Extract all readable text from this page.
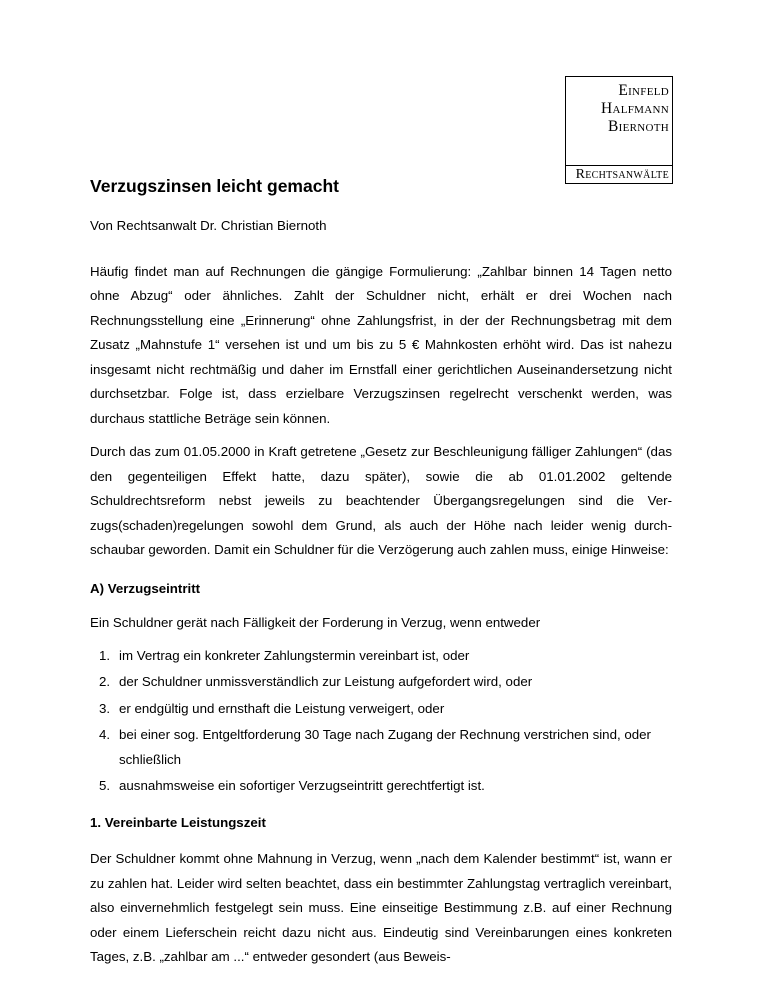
Einfeld
Halfmann
Biernoth
Rechtsanwälte
Verzugszinsen leicht gemacht

Von Rechtsanwalt Dr. Christian Biernoth

Häufig findet man auf Rechnungen die gängige Formulierung: „Zahlbar binnen 14 Tagen netto ohne Abzug“ oder ähnliches. Zahlt der Schuldner nicht, erhält er drei Wochen nach Rechnungsstellung eine „Erinnerung“ ohne Zahlungsfrist, in der der Rechnungsbetrag mit dem Zusatz „Mahnstufe 1“ versehen ist und um bis zu 5 € Mahnkosten erhöht wird. Das ist nahezu insgesamt nicht rechtmäßig und daher im Ernstfall einer gerichtlichen Auseinandersetzung nicht durchsetzbar. Folge ist, dass erzielbare Verzugszinsen regelrecht verschenkt werden, was durchaus stattliche Beträge sein können.

Durch das zum 01.05.2000 in Kraft getretene „Gesetz zur Beschleunigung fälliger Zahlungen“ (das den gegenteiligen Effekt hatte, dazu später), sowie die ab 01.01.2002 geltende Schuldrechtsreform nebst jeweils zu beachtender Übergangsregelungen sind die Verzugs(schaden)regelungen sowohl dem Grund, als auch der Höhe nach leider wenig durchschaubar geworden. Damit ein Schuldner für die Verzögerung auch zahlen muss, einige Hinweise:

A) Verzugseintritt

Ein Schuldner gerät nach Fälligkeit der Forderung in Verzug, wenn entweder

1. im Vertrag ein konkreter Zahlungstermin vereinbart ist, oder
2. der Schuldner unmissverständlich zur Leistung aufgefordert wird, oder
3. er endgültig und ernsthaft die Leistung verweigert, oder
4. bei einer sog. Entgeltforderung 30 Tage nach Zugang der Rechnung verstrichen sind, oder schließlich
5. ausnahmsweise ein sofortiger Verzugseintritt gerechtfertigt ist.

1. Vereinbarte Leistungszeit

Der Schuldner kommt ohne Mahnung in Verzug, wenn „nach dem Kalender bestimmt“ ist, wann er zu zahlen hat. Leider wird selten beachtet, dass ein bestimmter Zahlungstag vertraglich vereinbart, also einvernehmlich festgelegt sein muss. Eine einseitige Bestimmung z.B. auf einer Rechnung oder einem Lieferschein reicht dazu nicht aus. Eindeutig sind Vereinbarungen eines konkreten Tages, z.B. „zahlbar am ...“ entweder gesondert (aus Beweis-
